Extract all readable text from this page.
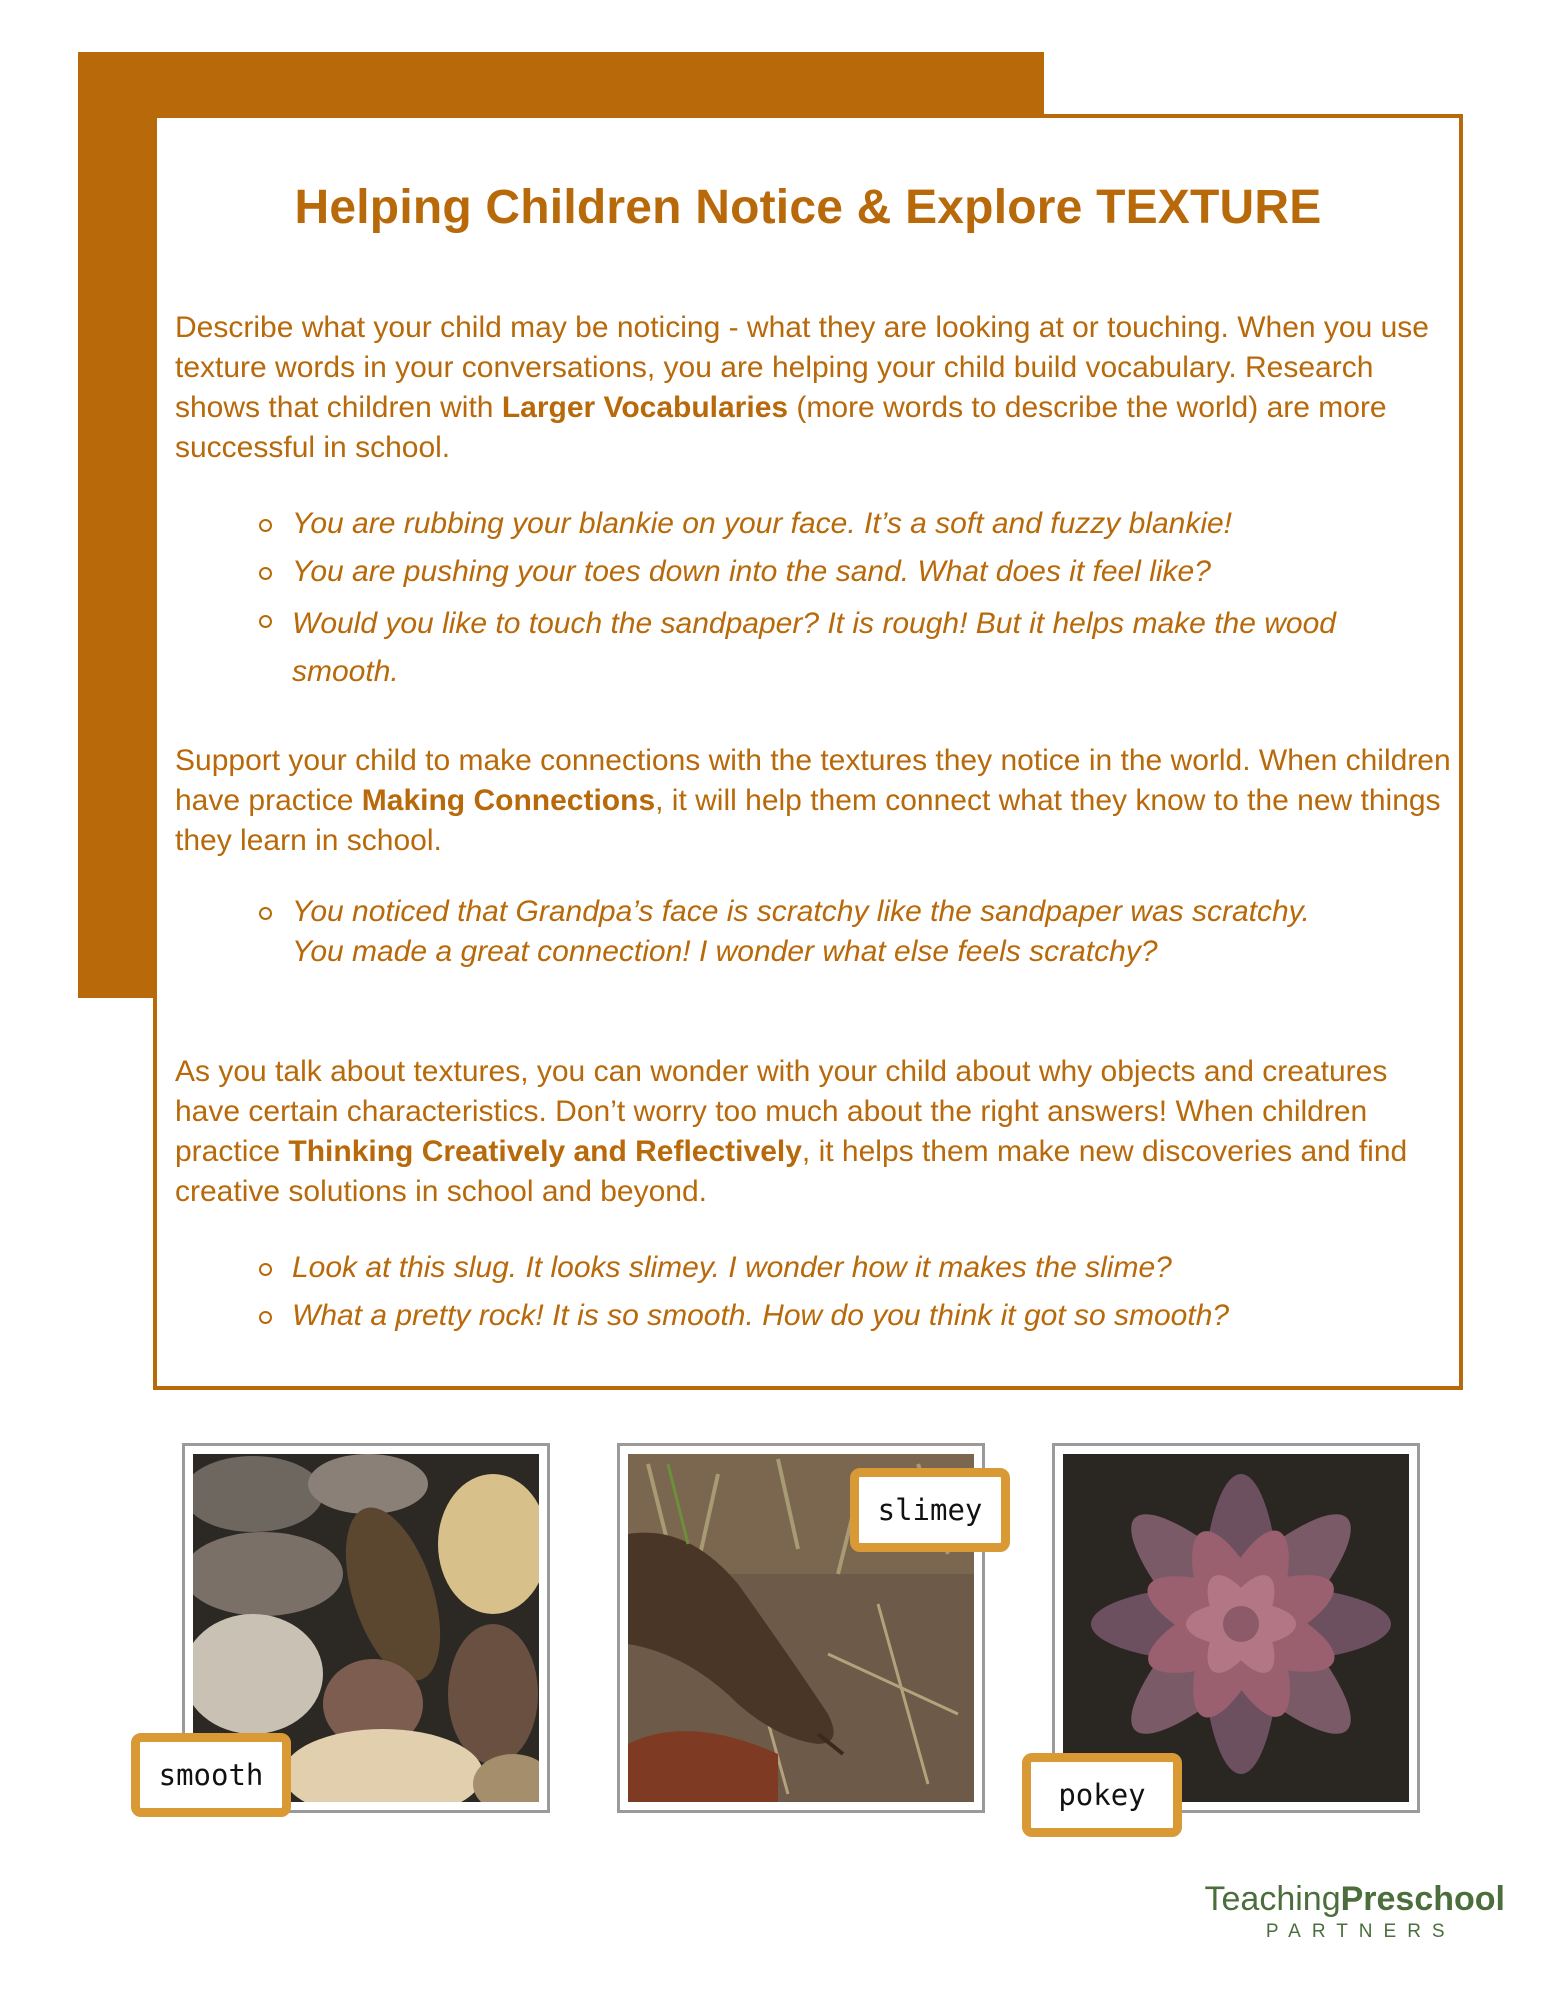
Helping Children Notice & Explore TEXTURE
Describe what your child may be noticing - what they are looking at or touching. When you use texture words in your conversations, you are helping your child build vocabulary. Research shows that children with Larger Vocabularies (more words to describe the world) are more successful in school.
You are rubbing your blankie on your face. It’s a soft and fuzzy blankie!
You are pushing your toes down into the sand. What does it feel like?
Would you like to touch the sandpaper? It is rough! But it helps make the wood smooth.
Support your child to make connections with the textures they notice in the world. When children have practice Making Connections, it will help them connect what they know to the new things they learn in school.
You noticed that Grandpa’s face is scratchy like the sandpaper was scratchy. You made a great connection! I wonder what else feels scratchy?
As you talk about textures, you can wonder with your child about why objects and creatures have certain characteristics. Don’t worry too much about the right answers! When children practice Thinking Creatively and Reflectively, it helps them make new discoveries and find creative solutions in school and beyond.
Look at this slug. It looks slimey. I wonder how it makes the slime?
What a pretty rock! It is so smooth. How do you think it got so smooth?
smooth
slimey
pokey
TeachingPreschool
PARTNERS
